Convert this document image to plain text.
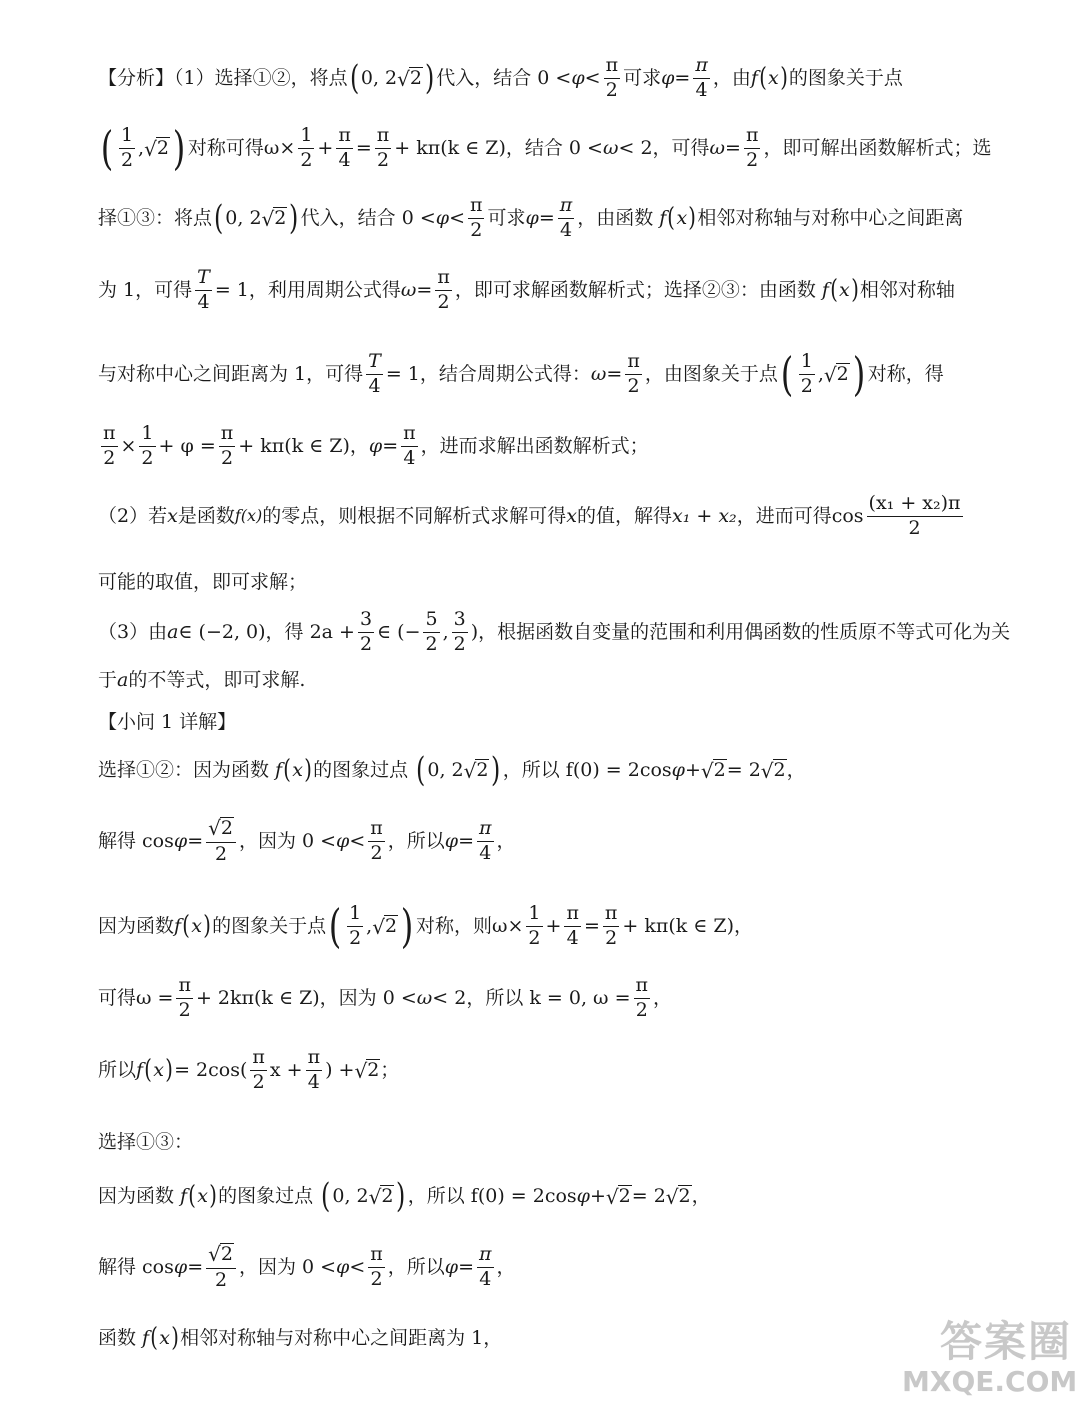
【分析】（1）选择①②，将点 ( 0, 2 √ 2 ) 代入，结合 $0 < \varphi < \frac{\pi}{2}$ 可求 $\varphi = \frac{\pi}{4}$ ，由 f ( x ) 的图象关于点
( $\frac{1}{2}$ , √ 2 ) 对称可得$\omega\times \frac{1}{2} + \frac{\pi}{4} = \frac{\pi}{2} + k\pi(k$ ∈ Z)，结合 0 < ω < 2，可得 $\omega = \frac{\pi}{2}$ ，即可解出函数解析式；选
择①③：将点 ( 0, 2 √ 2 ) 代入，结合 $0 < \varphi < \frac{\pi}{2}$ 可求 $\varphi = \frac{\pi}{4}$ ，由函数 f ( x ) 相邻对称轴与对称中心之间距离
为 1，可得 $\frac{T}{4} = 1$，利用周期公式得 $\omega = \frac{\pi}{2}$ ，即可求解函数解析式；选择②③：由函数 f ( x ) 相邻对称轴
与对称中心之间距离为 1，可得 $\frac{T}{4} = 1$，结合周期公式得： $\omega = \frac{\pi}{2}$ ，由图象关于点 ( $\frac{1}{2}$ , √ 2 ) 对称，得
$\frac{\pi}{2} \times \frac{1}{2} + \varphi = \frac{\pi}{2} + k\pi(k$ ∈ Z)， $\varphi = \frac{\pi}{4}$ ，进而求解出函数解析式；
（2）若 x 是函数 f(x) 的零点，则根据不同解析式求解可得 x 的值，解得 x₁ + x₂ ，进而可得 $\cos \frac{\text{(x₁ + x₂)π}}{2}$
可能的取值，即可求解；
（3）由 a ∈ (−2, 0)，得 $2a + \frac{3}{2}$ ∈ (− $\frac{5}{2}$ , $\frac{3}{2}$ )，根据函数自变量的范围和利用偶函数的性质原不等式可化为关
于 a 的不等式，即可求解.
【小问 1 详解】
选择①②：因为函数 f ( x ) 的图象过点 ( 0, 2 √ 2 ) ，所以 f(0) = 2cos φ + √ 2 = 2 √ 2 ，
解得 $\cos \varphi = \frac{√ 2}{2}$ ，因为 $0 < \varphi < \frac{\pi}{2}$ ，所以 $\varphi = \frac{\pi}{4}$ ，
因为函数 f ( x ) 的图象关于点 ( $\frac{1}{2}$ , √ 2 ) 对称，则$\omega\times \frac{1}{2} + \frac{\pi}{4} = \frac{\pi}{2} + k\pi(k$ ∈ Z)，
可得$\omega = \frac{\pi}{2} + 2k\pi(k$ ∈ Z)，因为 0 < ω < 2，所以 k = 0, $\omega = \frac{\pi}{2}$ ，
所以 f ( x ) = $2\cos( \frac{\pi}{2}$ $x + \frac{\pi}{4}$ ) + √ 2 ；
选择①③：
因为函数 f ( x ) 的图象过点 ( 0, 2 √ 2 ) ，所以 f(0) = 2cos φ + √ 2 = 2 √ 2 ，
解得 $\cos \varphi = \frac{√ 2}{2}$ ，因为 $0 < \varphi < \frac{\pi}{2}$ ，所以 $\varphi = \frac{\pi}{4}$ ，
函数 f ( x ) 相邻对称轴与对称中心之间距离为 1，	答案圈
MXQE.COM
